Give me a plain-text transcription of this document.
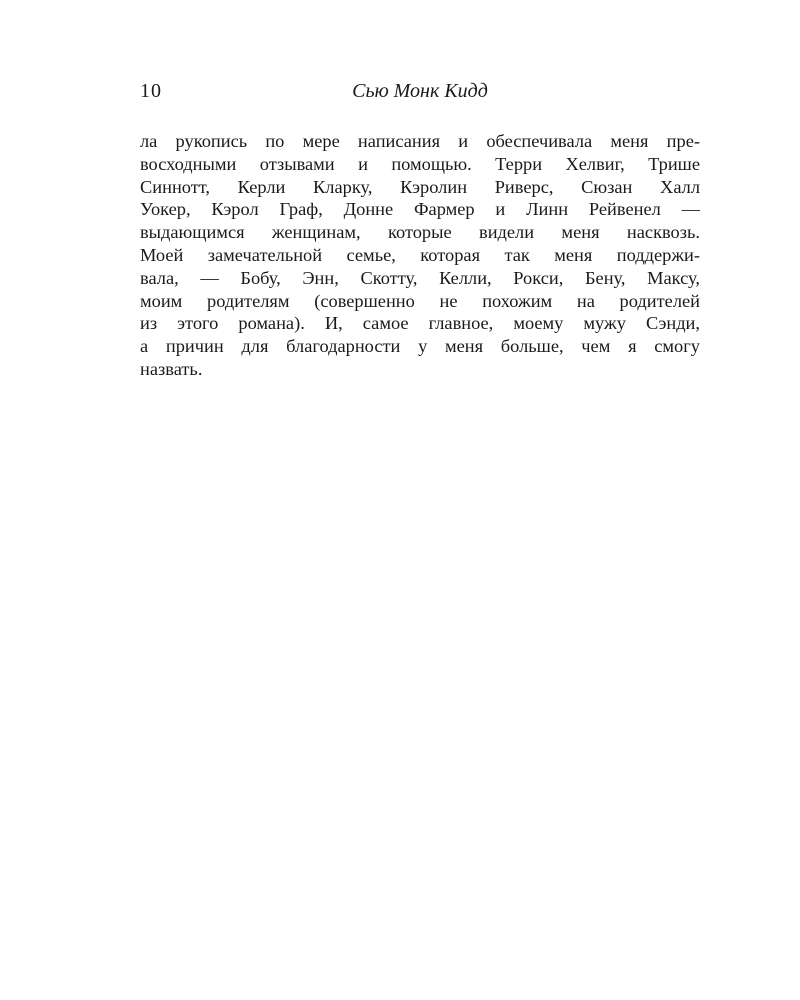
10	Сью Монк Кидд
ла рукопись по мере написания и обеспечивала меня пре-
восходными отзывами и помощью. Терри Хелвиг, Трише
Синнотт, Керли Кларку, Кэролин Риверс, Сюзан Халл
Уокер, Кэрол Граф, Донне Фармер и Линн Рейвенел —
выдающимся женщинам, которые видели меня насквозь.
Моей замечательной семье, которая так меня поддержи-
вала, — Бобу, Энн, Скотту, Келли, Рокси, Бену, Максу,
моим родителям (совершенно не похожим на родителей
из этого романа). И, самое главное, моему мужу Сэнди,
а причин для благодарности у меня больше, чем я смогу
назвать.
